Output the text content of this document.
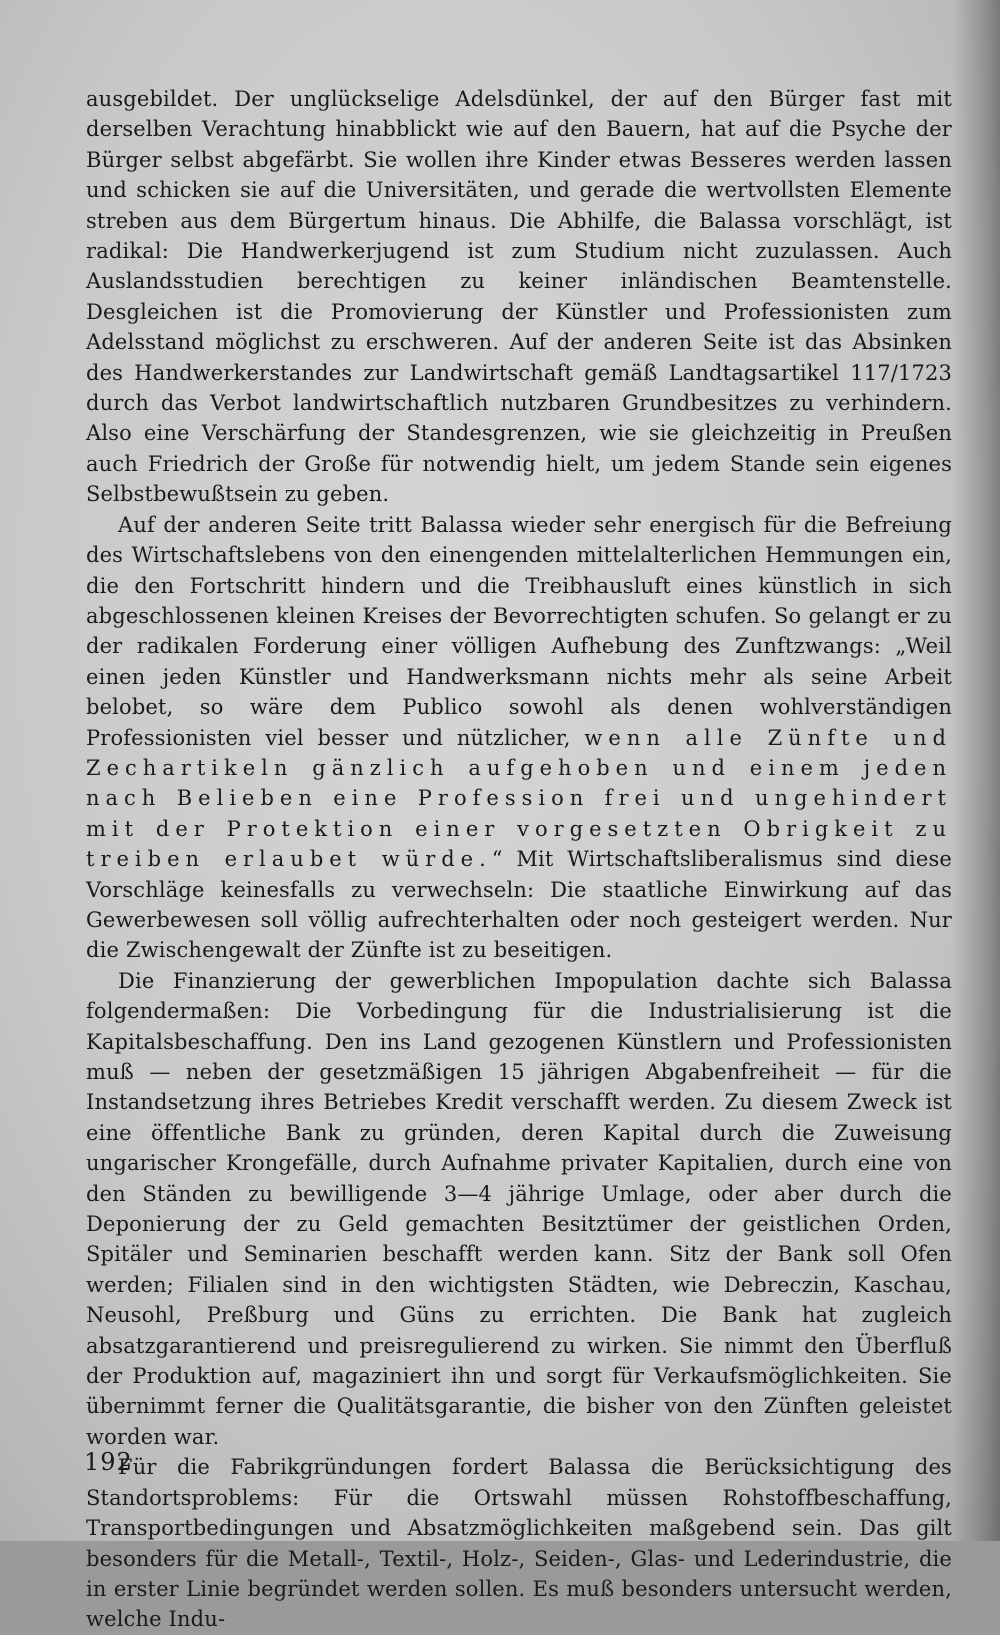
ausgebildet. Der unglückselige Adelsdünkel, der auf den Bürger fast mit derselben Verachtung hinabblickt wie auf den Bauern, hat auf die Psyche der Bürger selbst abgefärbt. Sie wollen ihre Kinder etwas Besseres werden lassen und schicken sie auf die Universitäten, und gerade die wertvollsten Elemente streben aus dem Bürgertum hinaus. Die Abhilfe, die Balassa vorschlägt, ist radikal: Die Handwerkerjugend ist zum Studium nicht zuzulassen. Auch Auslandsstudien berechtigen zu keiner inländischen Beamtenstelle. Desgleichen ist die Promovierung der Künstler und Professionisten zum Adelsstand möglichst zu erschweren. Auf der anderen Seite ist das Absinken des Handwerkerstandes zur Landwirtschaft gemäß Landtagsartikel 117/1723 durch das Verbot landwirtschaftlich nutzbaren Grundbesitzes zu verhindern. Also eine Verschärfung der Standesgrenzen, wie sie gleichzeitig in Preußen auch Friedrich der Große für notwendig hielt, um jedem Stande sein eigenes Selbstbewußtsein zu geben.

Auf der anderen Seite tritt Balassa wieder sehr energisch für die Befreiung des Wirtschaftslebens von den einengenden mittelalterlichen Hemmungen ein, die den Fortschritt hindern und die Treibhausluft eines künstlich in sich abgeschlossenen kleinen Kreises der Bevorrechtigten schufen. So gelangt er zu der radikalen Forderung einer völligen Aufhebung des Zunftzwangs: „Weil einen jeden Künstler und Handwerksmann nichts mehr als seine Arbeit belobet, so wäre dem Publico sowohl als denen wohlverständigen Professionisten viel besser und nützlicher, wenn alle Zünfte und Zechartikeln gänzlich aufgehoben und einem jeden nach Belieben eine Profession frei und ungehindert mit der Protektion einer vorgesetzten Obrigkeit zu treiben erlaubet würde.“ Mit Wirtschaftsliberalismus sind diese Vorschläge keinesfalls zu verwechseln: Die staatliche Einwirkung auf das Gewerbewesen soll völlig aufrechterhalten oder noch gesteigert werden. Nur die Zwischengewalt der Zünfte ist zu beseitigen.

Die Finanzierung der gewerblichen Impopulation dachte sich Balassa folgendermaßen: Die Vorbedingung für die Industrialisierung ist die Kapitalsbeschaffung. Den ins Land gezogenen Künstlern und Professionisten muß — neben der gesetzmäßigen 15 jährigen Abgabenfreiheit — für die Instandsetzung ihres Betriebes Kredit verschafft werden. Zu diesem Zweck ist eine öffentliche Bank zu gründen, deren Kapital durch die Zuweisung ungarischer Krongefälle, durch Aufnahme privater Kapitalien, durch eine von den Ständen zu bewilligende 3—4 jährige Umlage, oder aber durch die Deponierung der zu Geld gemachten Besitztümer der geistlichen Orden, Spitäler und Seminarien beschafft werden kann. Sitz der Bank soll Ofen werden; Filialen sind in den wichtigsten Städten, wie Debreczin, Kaschau, Neusohl, Preßburg und Güns zu errichten. Die Bank hat zugleich absatzgarantierend und preisregulierend zu wirken. Sie nimmt den Überfluß der Produktion auf, magaziniert ihn und sorgt für Verkaufsmöglichkeiten. Sie übernimmt ferner die Qualitätsgarantie, die bisher von den Zünften geleistet worden war.

Für die Fabrikgründungen fordert Balassa die Berücksichtigung des Standortsproblems: Für die Ortswahl müssen Rohstoffbeschaffung, Transportbedingungen und Absatzmöglichkeiten maßgebend sein. Das gilt besonders für die Metall-, Textil-, Holz-, Seiden-, Glas- und Lederindustrie, die in erster Linie begründet werden sollen. Es muß besonders untersucht werden, welche Indu-

192
